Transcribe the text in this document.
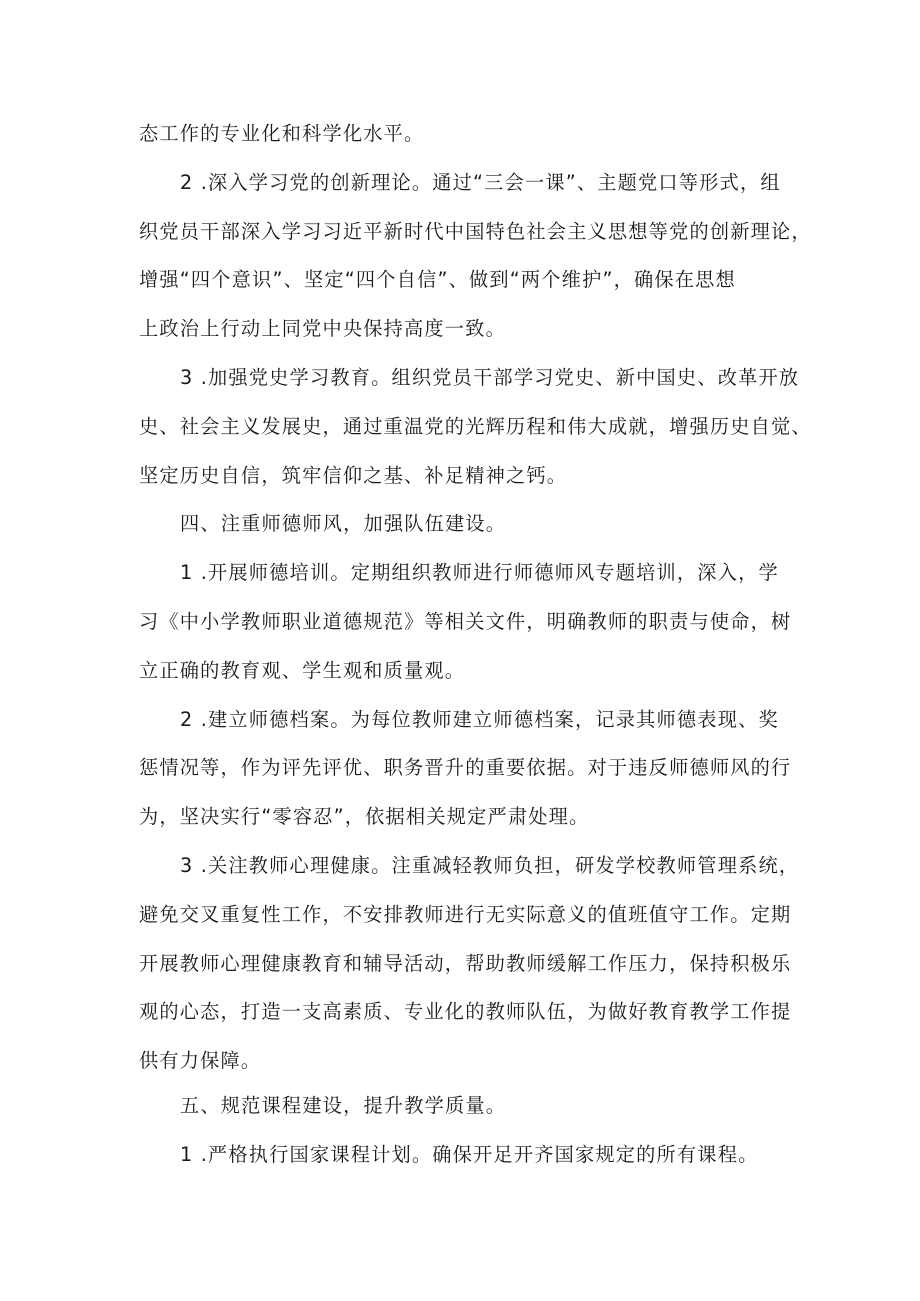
态工作的专业化和科学化水平。
2 .深入学习党的创新理论。通过“三会一课”、主题党口等形式，组
织党员干部深入学习习近平新时代中国特色社会主义思想等党的创新理论，
增强“四个意识”、坚定“四个自信”、做到“两个维护”，确保在思想
上政治上行动上同党中央保持高度一致。
3 .加强党史学习教育。组织党员干部学习党史、新中国史、改革开放
史、社会主义发展史，通过重温党的光辉历程和伟大成就，增强历史自觉、
坚定历史自信，筑牢信仰之基、补足精神之钙。
四、注重师德师风，加强队伍建设。
1 .开展师德培训。定期组织教师进行师德师风专题培训，深入，学
习《中小学教师职业道德规范》等相关文件，明确教师的职责与使命，树
立正确的教育观、学生观和质量观。
2 .建立师德档案。为每位教师建立师德档案，记录其师德表现、奖
惩情况等，作为评先评优、职务晋升的重要依据。对于违反师德师风的行
为，坚决实行“零容忍”，依据相关规定严肃处理。
3 .关注教师心理健康。注重减轻教师负担，研发学校教师管理系统，
避免交叉重复性工作，不安排教师进行无实际意义的值班值守工作。定期
开展教师心理健康教育和辅导活动，帮助教师缓解工作压力，保持积极乐
观的心态，打造一支高素质、专业化的教师队伍，为做好教育教学工作提
供有力保障。
五、规范课程建设，提升教学质量。
1 .严格执行国家课程计划。确保开足开齐国家规定的所有课程。
